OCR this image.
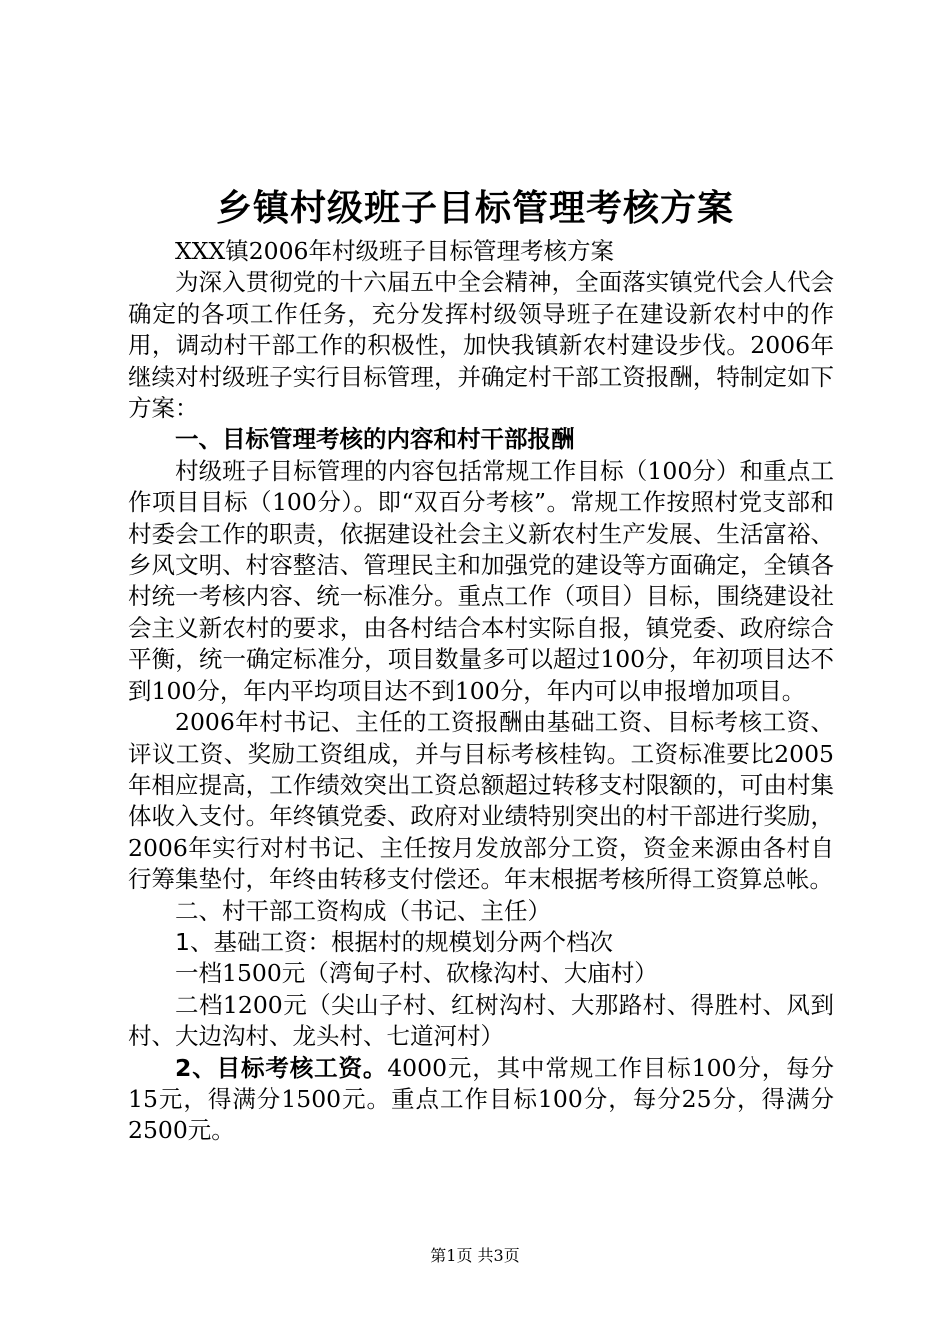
乡镇村级班子目标管理考核方案

XXX镇2006年村级班子目标管理考核方案

为深入贯彻党的十六届五中全会精神，全面落实镇党代会人代会确定的各项工作任务，充分发挥村级领导班子在建设新农村中的作用，调动村干部工作的积极性，加快我镇新农村建设步伐。2006年继续对村级班子实行目标管理，并确定村干部工资报酬，特制定如下方案：

一、目标管理考核的内容和村干部报酬

村级班子目标管理的内容包括常规工作目标（100分）和重点工作项目目标（100分）。即“双百分考核”。常规工作按照村党支部和村委会工作的职责，依据建设社会主义新农村生产发展、生活富裕、乡风文明、村容整洁、管理民主和加强党的建设等方面确定，全镇各村统一考核内容、统一标准分。重点工作（项目）目标，围绕建设社会主义新农村的要求，由各村结合本村实际自报，镇党委、政府综合平衡，统一确定标准分，项目数量多可以超过100分，年初项目达不到100分，年内平均项目达不到100分，年内可以申报增加项目。

2006年村书记、主任的工资报酬由基础工资、目标考核工资、评议工资、奖励工资组成，并与目标考核桂钩。工资标准要比2005年相应提高，工作绩效突出工资总额超过转移支村限额的，可由村集体收入支付。年终镇党委、政府对业绩特别突出的村干部进行奖励，2006年实行对村书记、主任按月发放部分工资，资金来源由各村自行筹集垫付，年终由转移支付偿还。年末根据考核所得工资算总帐。

二、村干部工资构成（书记、主任）

1、基础工资：根据村的规模划分两个档次

一档1500元（湾甸子村、砍椽沟村、大庙村）

二档1200元（尖山子村、红树沟村、大那路村、得胜村、风到村、大边沟村、龙头村、七道河村）

2、目标考核工资。4000元，其中常规工作目标100分，每分15元，得满分1500元。重点工作目标100分，每分25分，得满分2500元。

第1页 共3页
